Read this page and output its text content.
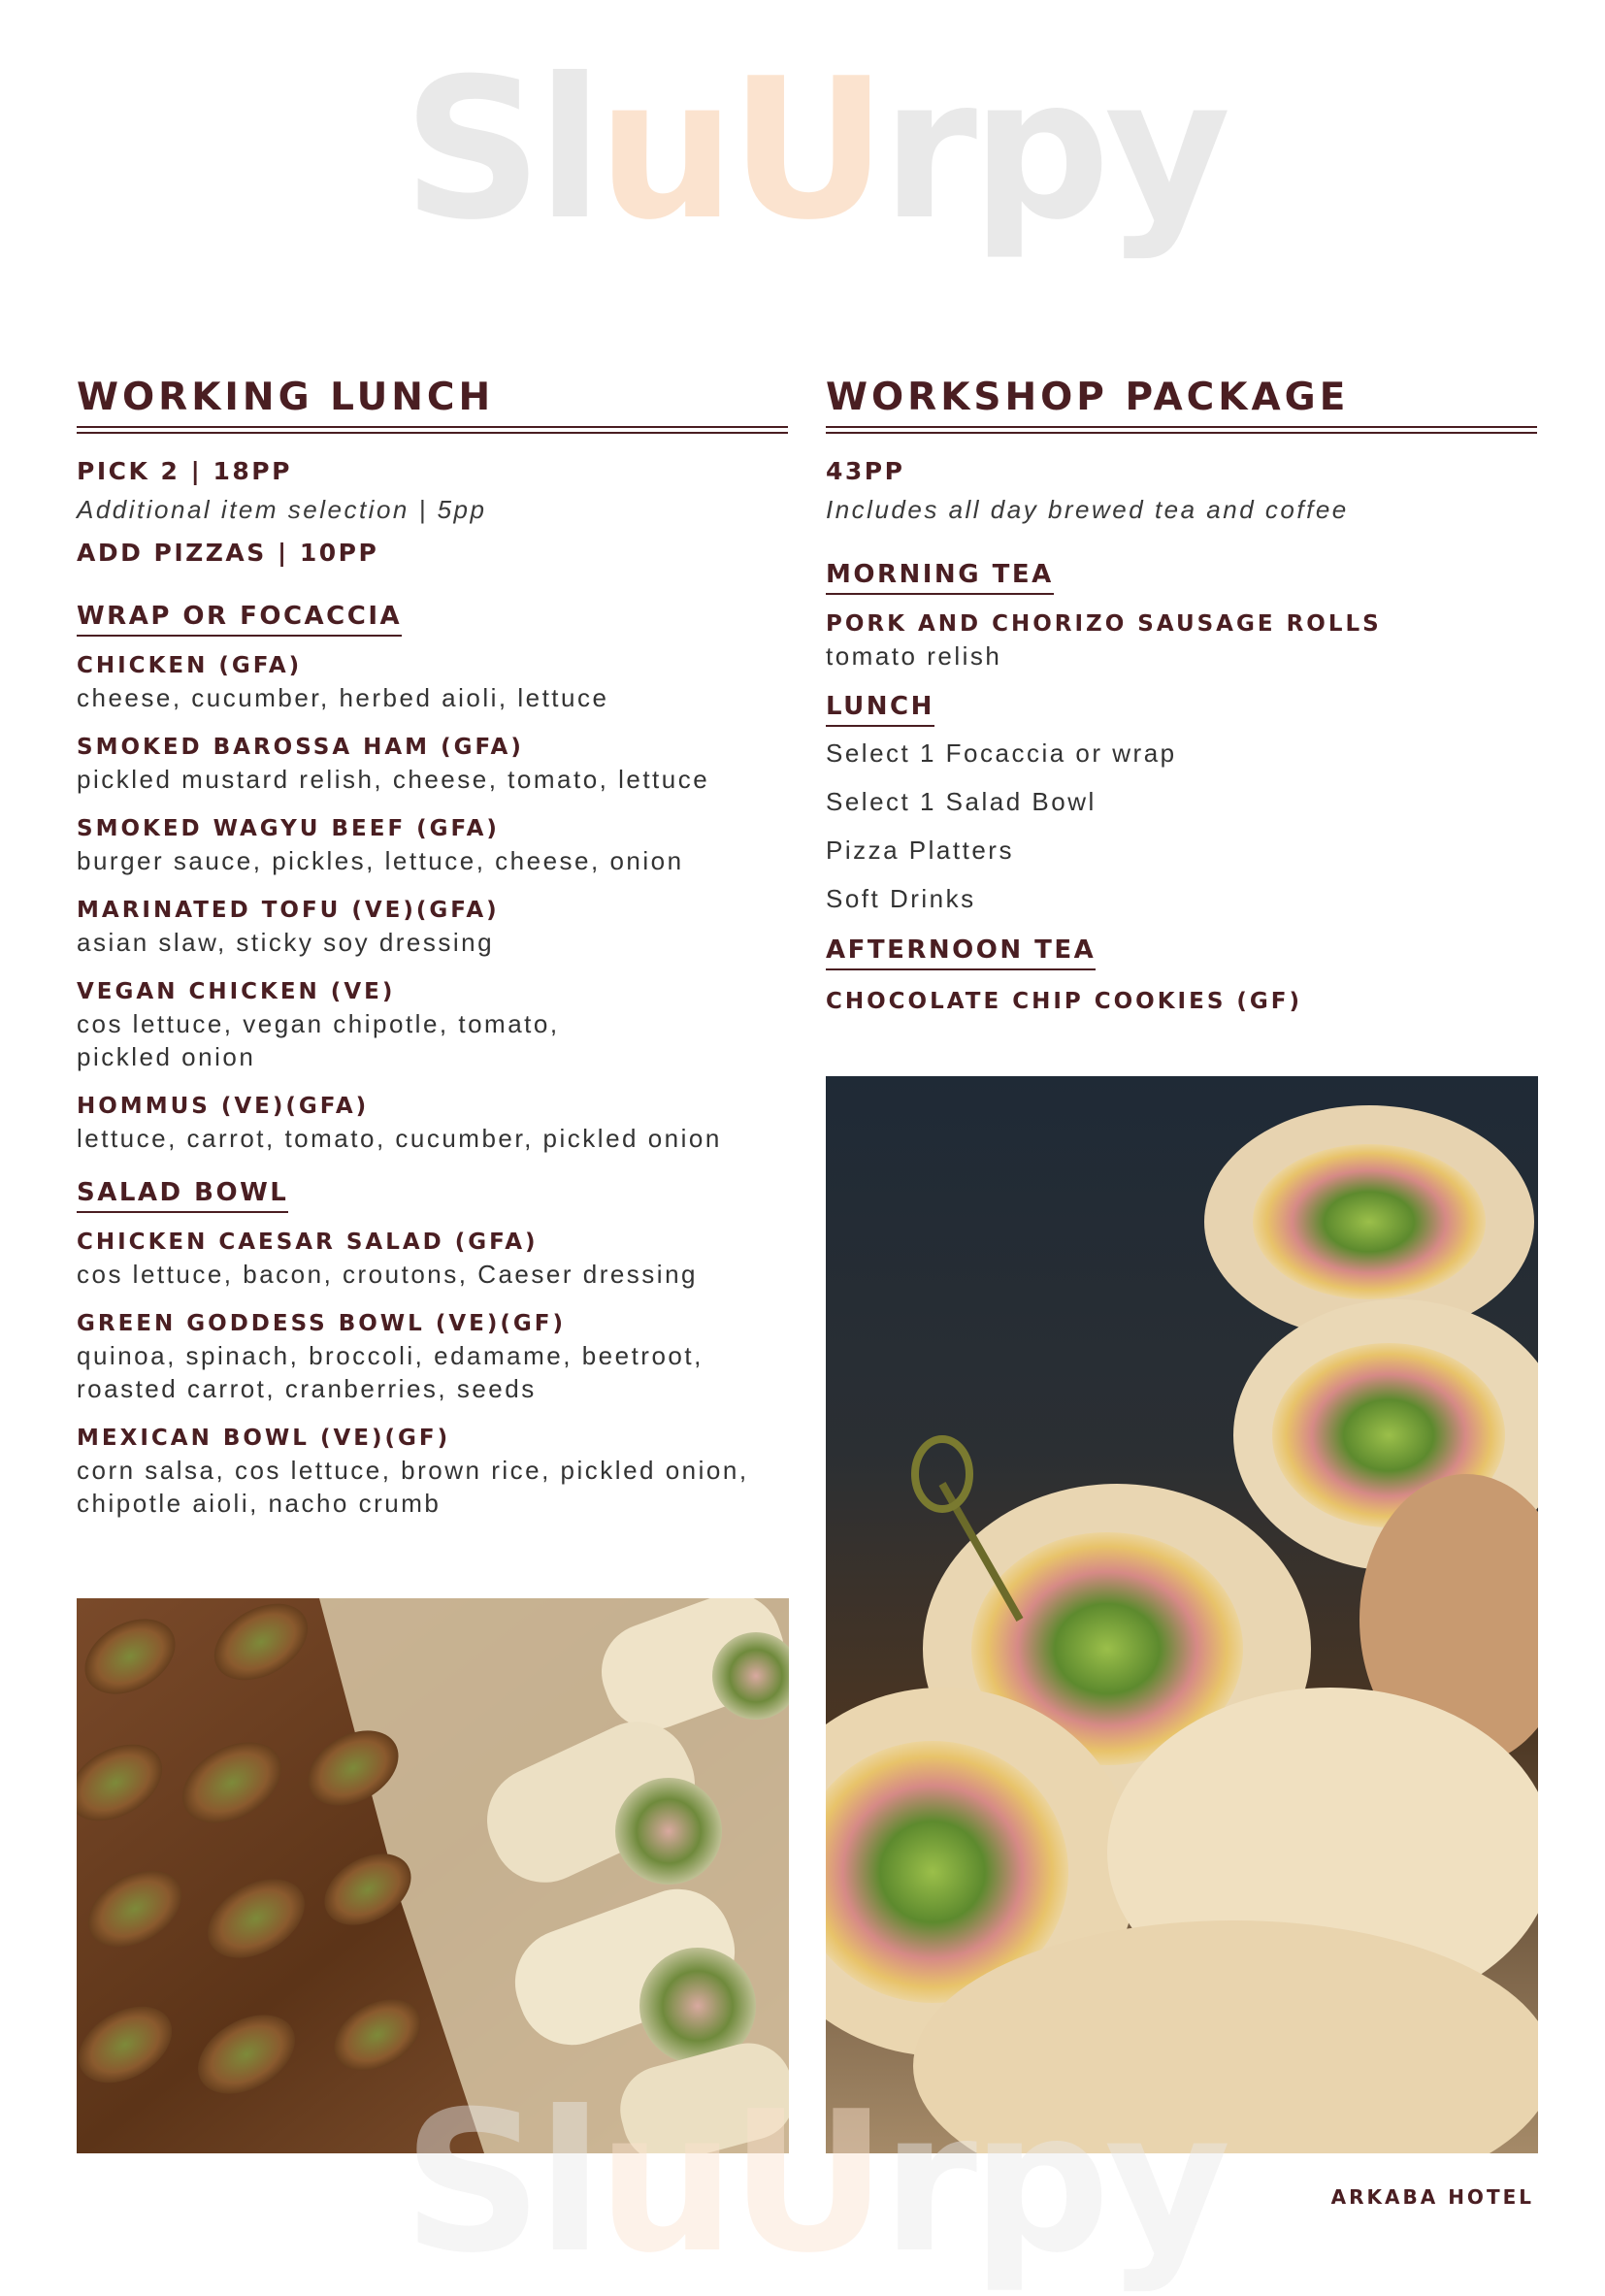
SluUrpy
WORKING LUNCH

PICK 2 | 18PP

Additional item selection | 5pp

ADD PIZZAS | 10PP

WRAP OR FOCACCIA

CHICKEN (GFA)

cheese, cucumber, herbed aioli, lettuce

SMOKED BAROSSA HAM (GFA)

pickled mustard relish, cheese, tomato, lettuce

SMOKED WAGYU BEEF (GFA)

burger sauce, pickles, lettuce, cheese, onion

MARINATED TOFU (VE)(GFA)

asian slaw, sticky soy dressing

VEGAN CHICKEN (VE)

cos lettuce, vegan chipotle, tomato,

pickled onion

HOMMUS (VE)(GFA)

lettuce, carrot, tomato, cucumber, pickled onion

SALAD BOWL

CHICKEN CAESAR SALAD (GFA)

cos lettuce, bacon, croutons, Caeser dressing

GREEN GODDESS BOWL (VE)(GF)

quinoa, spinach, broccoli, edamame, beetroot,

roasted carrot, cranberries, seeds

MEXICAN BOWL (VE)(GF)

corn salsa, cos lettuce, brown rice, pickled onion,

chipotle aioli, nacho crumb

WORKSHOP PACKAGE

43PP

Includes all day brewed tea and coffee

MORNING TEA

PORK AND CHORIZO SAUSAGE ROLLS

tomato relish

LUNCH

Select 1 Focaccia or wrap

Select 1 Salad Bowl

Pizza Platters

Soft Drinks

AFTERNOON TEA

CHOCOLATE CHIP COOKIES (GF)

SluUrpy	ARKABA HOTEL
